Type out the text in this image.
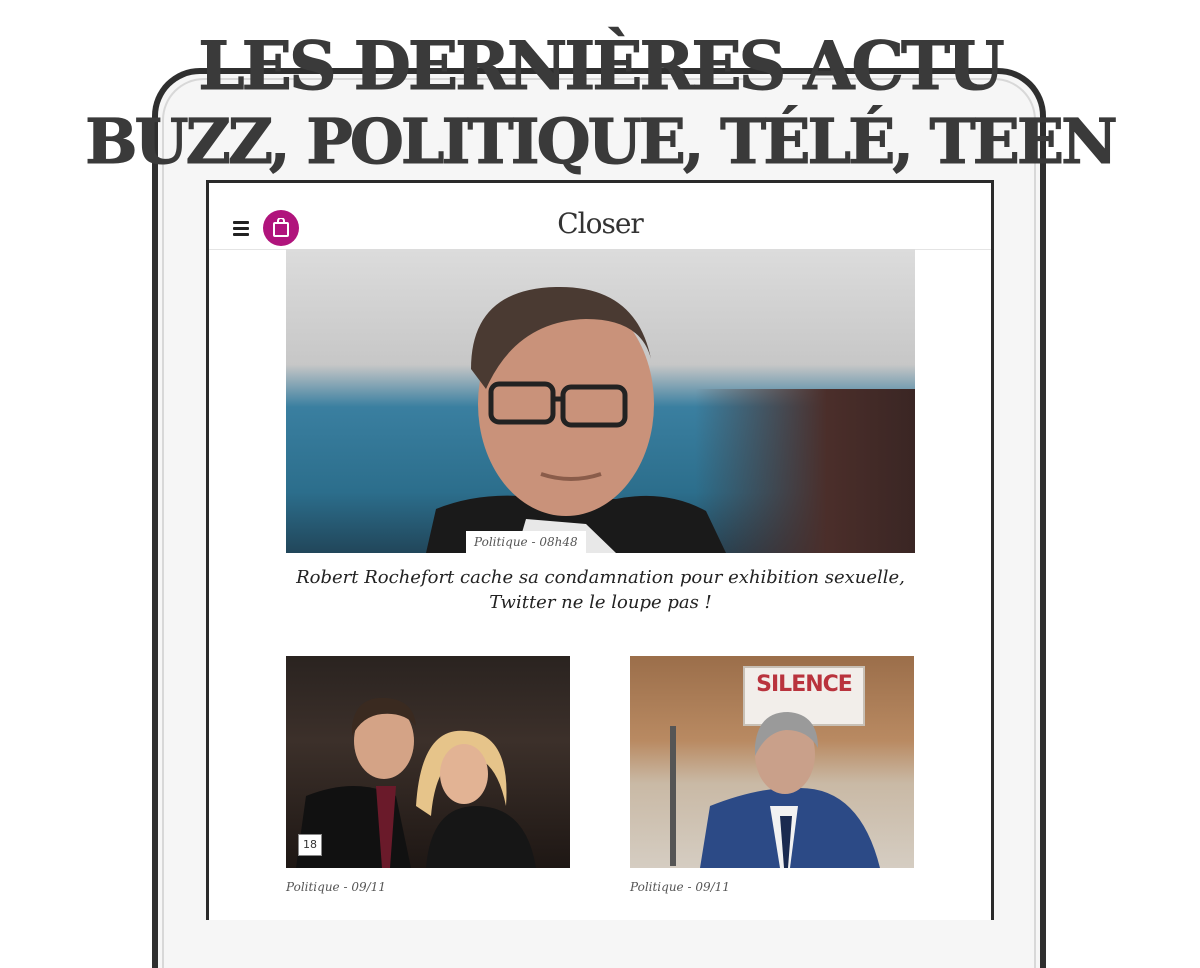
LES DERNIÈRES ACTU
BUZZ, POLITIQUE, TÉLÉ, TEEN
Closer
Politique - 08h48
Robert Rochefort cache sa condamnation pour exhibition sexuelle, Twitter ne le loupe pas !
18
Politique - 09/11
SILENCE
Politique - 09/11
